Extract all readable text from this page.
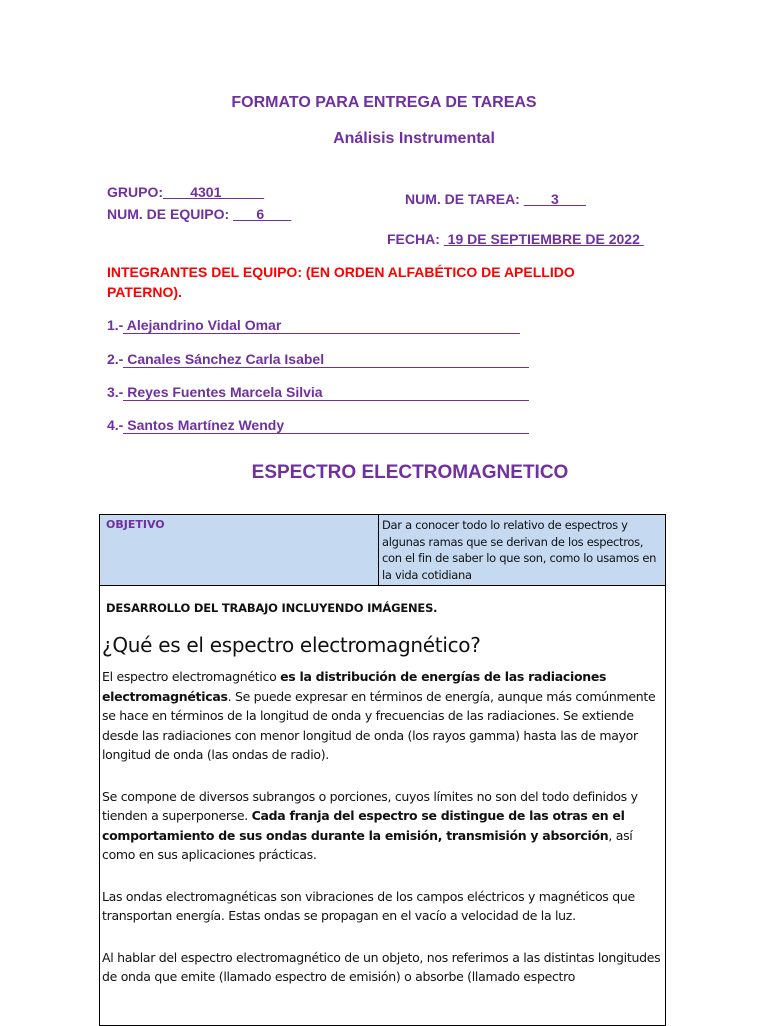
FORMATO PARA ENTREGA DE TAREAS
Análisis Instrumental
GRUPO:       4301
NUM. DE EQUIPO:       6
NUM. DE TAREA:        3
FECHA:  19 DE SEPTIEMBRE DE 2022
INTEGRANTES DEL EQUIPO: (EN ORDEN ALFABÉTICO DE APELLIDO
PATERNO).
1.- Alejandrino Vidal Omar
2.- Canales Sánchez Carla Isabel
3.- Reyes Fuentes Marcela Silvia
4.- Santos Martínez Wendy
ESPECTRO ELECTROMAGNETICO
OBJETIVO	Dar a conocer todo lo relativo de espectros y algunas ramas que se derivan de los espectros, con el fin de saber lo que son, como lo usamos en la vida cotidiana
DESARROLLO DEL TRABAJO INCLUYENDO IMÁGENES.
¿Qué es el espectro electromagnético?

El espectro electromagnético es la distribución de energías de las radiaciones electromagnéticas. Se puede expresar en términos de energía, aunque más comúnmente se hace en términos de la longitud de onda y frecuencias de las radiaciones. Se extiende desde las radiaciones con menor longitud de onda (los rayos gamma) hasta las de mayor longitud de onda (las ondas de radio).

Se compone de diversos subrangos o porciones, cuyos límites no son del todo definidos y tienden a superponerse. Cada franja del espectro se distingue de las otras en el comportamiento de sus ondas durante la emisión, transmisión y absorción, así como en sus aplicaciones prácticas.

Las ondas electromagnéticas son vibraciones de los campos eléctricos y magnéticos que transportan energía. Estas ondas se propagan en el vacío a velocidad de la luz.

Al hablar del espectro electromagnético de un objeto, nos referimos a las distintas longitudes de onda que emite (llamado espectro de emisión) o absorbe (llamado espectro
